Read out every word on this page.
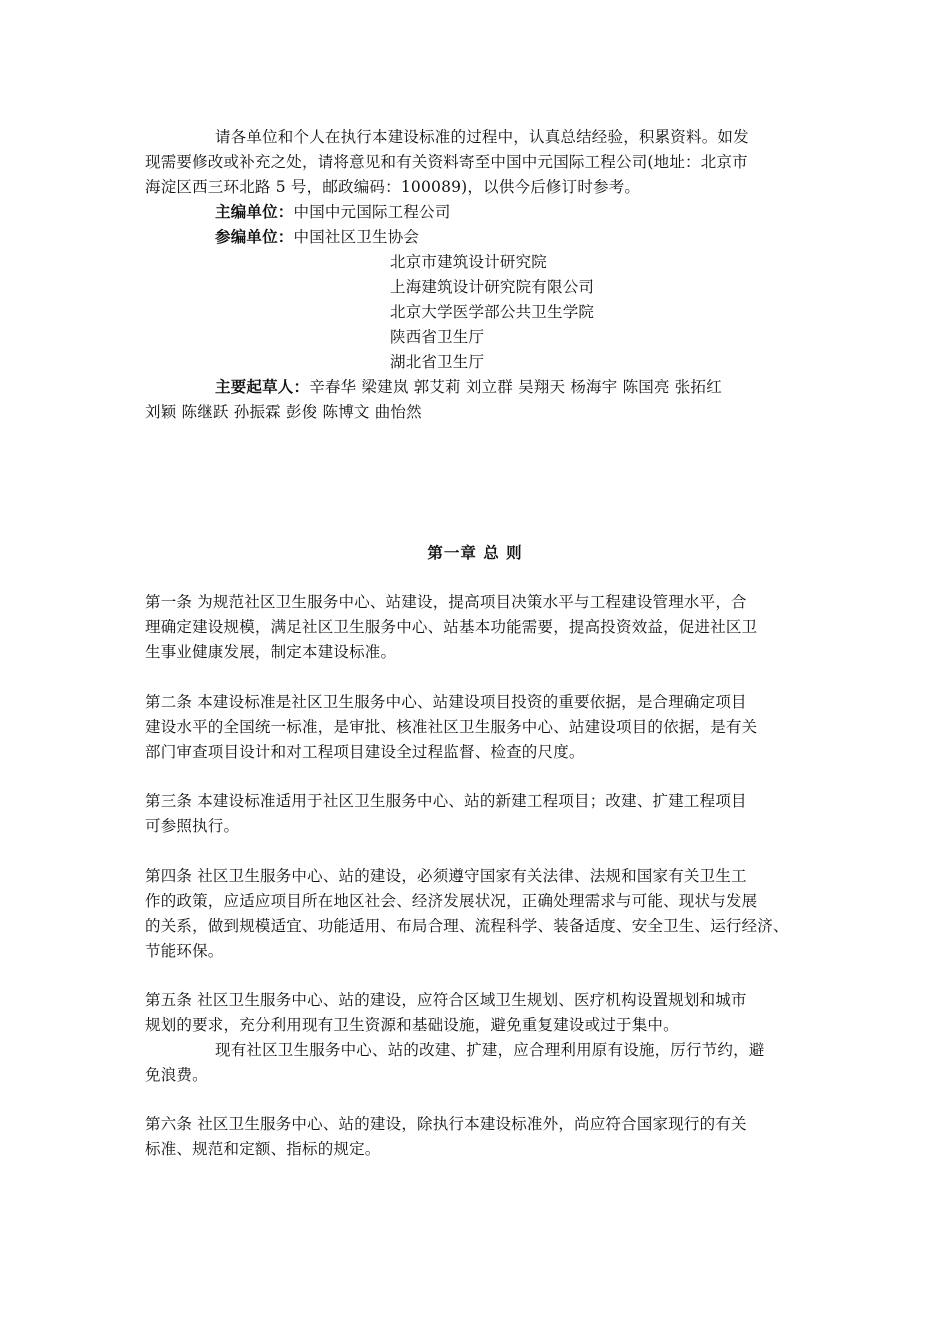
请各单位和个人在执行本建设标准的过程中，认真总结经验，积累资料。如发
现需要修改或补充之处，请将意见和有关资料寄至中国中元国际工程公司(地址：北京市
海淀区西三环北路 5 号，邮政编码：100089)，以供今后修订时参考。
主编单位：中国中元国际工程公司
参编单位：中国社区卫生协会
北京市建筑设计研究院
上海建筑设计研究院有限公司
北京大学医学部公共卫生学院
陕西省卫生厅
湖北省卫生厅
主要起草人：辛春华 梁建岚 郭艾莉 刘立群 吴翔天 杨海宇 陈国亮 张拓红
刘颖 陈继跃 孙振霖 彭俊 陈博文 曲怡然
第一章 总 则
第一条 为规范社区卫生服务中心、站建设，提高项目决策水平与工程建设管理水平，合
理确定建设规模，满足社区卫生服务中心、站基本功能需要，提高投资效益，促进社区卫
生事业健康发展，制定本建设标准。
第二条 本建设标准是社区卫生服务中心、站建设项目投资的重要依据，是合理确定项目
建设水平的全国统一标准，是审批、核准社区卫生服务中心、站建设项目的依据，是有关
部门审查项目设计和对工程项目建设全过程监督、检查的尺度。
第三条 本建设标准适用于社区卫生服务中心、站的新建工程项目；改建、扩建工程项目
可参照执行。
第四条 社区卫生服务中心、站的建设，必须遵守国家有关法律、法规和国家有关卫生工
作的政策，应适应项目所在地区社会、经济发展状况，正确处理需求与可能、现状与发展
的关系，做到规模适宜、功能适用、布局合理、流程科学、装备适度、安全卫生、运行经济、
节能环保。
第五条 社区卫生服务中心、站的建设，应符合区域卫生规划、医疗机构设置规划和城市
规划的要求，充分利用现有卫生资源和基础设施，避免重复建设或过于集中。
现有社区卫生服务中心、站的改建、扩建，应合理利用原有设施，厉行节约，避
免浪费。
第六条 社区卫生服务中心、站的建设，除执行本建设标准外，尚应符合国家现行的有关
标准、规范和定额、指标的规定。
